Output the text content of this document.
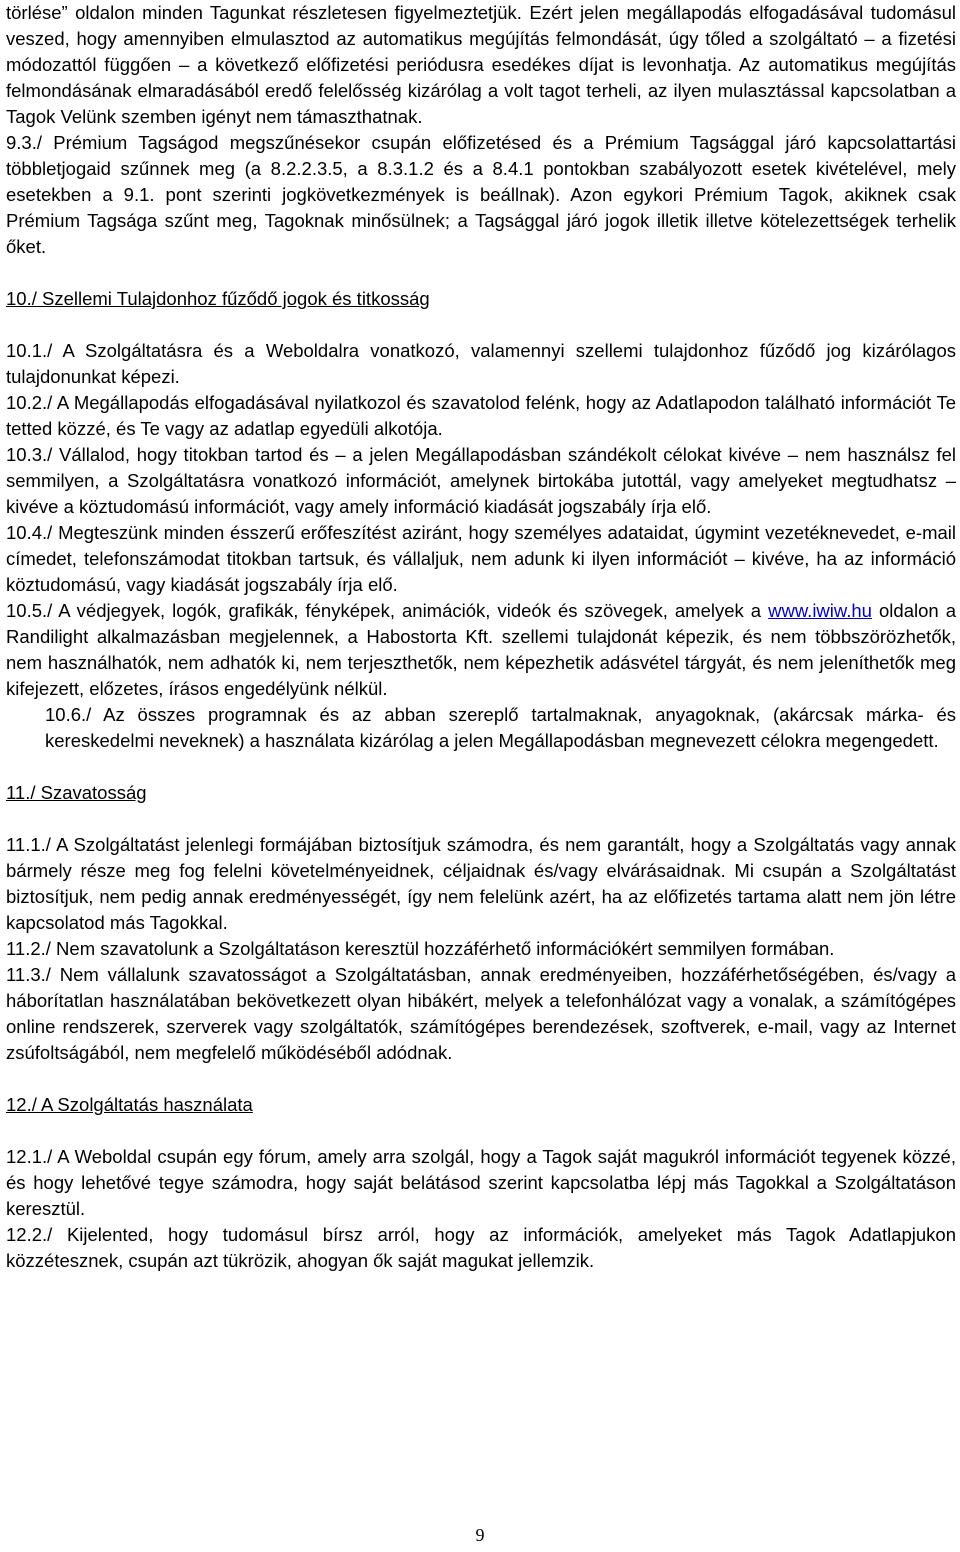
törlése” oldalon minden Tagunkat részletesen figyelmeztetjük. Ezért jelen megállapodás elfogadásával tudomásul veszed, hogy amennyiben elmulasztod az automatikus megújítás felmondását, úgy tőled a szolgáltató – a fizetési módozattól függően – a következő előfizetési periódusra esedékes díjat is levonhatja. Az automatikus megújítás felmondásának elmaradásából eredő felelősség kizárólag a volt tagot terheli, az ilyen mulasztással kapcsolatban a Tagok Velünk szemben igényt nem támaszthatnak.

9.3./ Prémium Tagságod megszűnésekor csupán előfizetésed és a Prémium Tagsággal járó kapcsolattartási többletjogaid szűnnek meg (a 8.2.2.3.5, a 8.3.1.2 és a 8.4.1 pontokban szabályozott esetek kivételével, mely esetekben a 9.1. pont szerinti jogkövetkezmények is beállnak). Azon egykori Prémium Tagok, akiknek csak Prémium Tagsága szűnt meg, Tagoknak minősülnek; a Tagsággal járó jogok illetik illetve kötelezettségek terhelik őket.

10./ Szellemi Tulajdonhoz fűződő jogok és titkosság

10.1./ A Szolgáltatásra és a Weboldalra vonatkozó, valamennyi szellemi tulajdonhoz fűződő jog kizárólagos tulajdonunkat képezi.

10.2./ A Megállapodás elfogadásával nyilatkozol és szavatolod felénk, hogy az Adatlapodon található információt Te tetted közzé, és Te vagy az adatlap egyedüli alkotója.

10.3./ Vállalod, hogy titokban tartod és – a jelen Megállapodásban szándékolt célokat kivéve – nem használsz fel semmilyen, a Szolgáltatásra vonatkozó információt, amelynek birtokába jutottál, vagy amelyeket megtudhatsz – kivéve a köztudomású információt, vagy amely információ kiadását jogszabály írja elő.

10.4./ Megteszünk minden ésszerű erőfeszítést aziránt, hogy személyes adataidat, úgymint vezetéknevedet, e-mail címedet, telefonszámodat titokban tartsuk, és vállaljuk, nem adunk ki ilyen információt – kivéve, ha az információ köztudomású, vagy kiadását jogszabály írja elő.

10.5./ A védjegyek, logók, grafikák, fényképek, animációk, videók és szövegek, amelyek a www.iwiw.hu oldalon a Randilight alkalmazásban megjelennek, a Habostorta Kft. szellemi tulajdonát képezik, és nem többszörözhetők, nem használhatók, nem adhatók ki, nem terjeszthetők, nem képezhetik adásvétel tárgyát, és nem jeleníthetők meg kifejezett, előzetes, írásos engedélyünk nélkül.

10.6./ Az összes programnak és az abban szereplő tartalmaknak, anyagoknak, (akárcsak márka- és kereskedelmi neveknek) a használata kizárólag a jelen Megállapodásban megnevezett célokra megengedett.

11./ Szavatosság

11.1./ A Szolgáltatást jelenlegi formájában biztosítjuk számodra, és nem garantált, hogy a Szolgáltatás vagy annak bármely része meg fog felelni követelményeidnek, céljaidnak és/vagy elvárásaidnak. Mi csupán a Szolgáltatást biztosítjuk, nem pedig annak eredményességét, így nem felelünk azért, ha az előfizetés tartama alatt nem jön létre kapcsolatod más Tagokkal.

11.2./ Nem szavatolunk a Szolgáltatáson keresztül hozzáférhető információkért semmilyen formában.

11.3./ Nem vállalunk szavatosságot a Szolgáltatásban, annak eredményeiben, hozzáférhetőségében, és/vagy a háborítatlan használatában bekövetkezett olyan hibákért, melyek a telefonhálózat vagy a vonalak, a számítógépes online rendszerek, szerverek vagy szolgáltatók, számítógépes berendezések, szoftverek, e-mail, vagy az Internet zsúfoltságából, nem megfelelő működéséből adódnak.

12./ A Szolgáltatás használata

12.1./ A Weboldal csupán egy fórum, amely arra szolgál, hogy a Tagok saját magukról információt tegyenek közzé, és hogy lehetővé tegye számodra, hogy saját belátásod szerint kapcsolatba lépj más Tagokkal a Szolgáltatáson keresztül.

12.2./ Kijelented, hogy tudomásul bírsz arról, hogy az információk, amelyeket más Tagok Adatlapjukon közzétesznek, csupán azt tükrözik, ahogyan ők saját magukat jellemzik.

9
